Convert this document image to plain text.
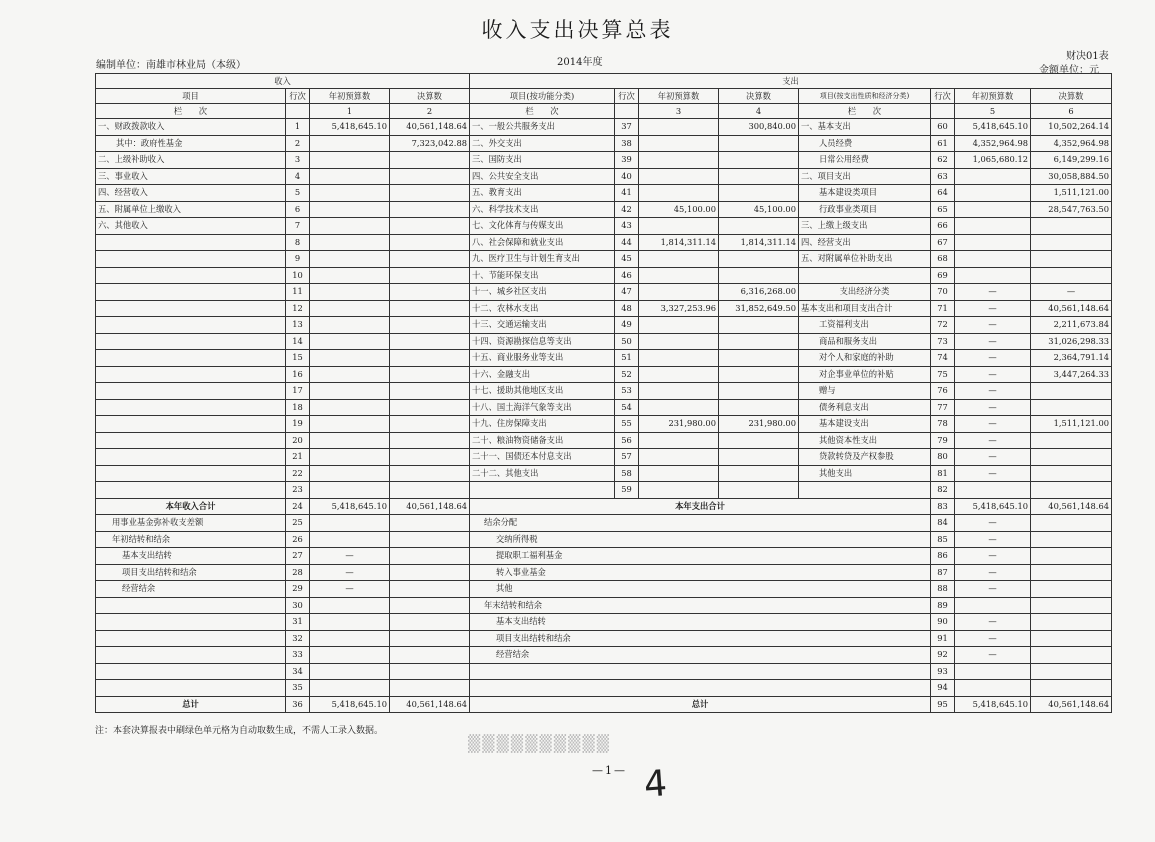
收入支出决算总表
编制单位：南雄市林业局（本级）	2014年度
财决01表
金额单位：元
收入				支出							
项目	行次	年初预算数	决算数	项目(按功能分类)	行次	年初预算数	决算数	项目(按支出性质和经济分类)	行次	年初预算数	决算数
栏　　次		1	2	栏　　次		3	4	栏　　次		5	6
一、财政拨款收入	1	5,418,645.10	40,561,148.64	一、一般公共服务支出	37		300,840.00	一、基本支出	60	5,418,645.10	10,502,264.14
其中：政府性基金	2		7,323,042.88	二、外交支出	38			人员经费	61	4,352,964.98	4,352,964.98
二、上级补助收入	3			三、国防支出	39			日常公用经费	62	1,065,680.12	6,149,299.16
三、事业收入	4			四、公共安全支出	40			二、项目支出	63		30,058,884.50
四、经营收入	5			五、教育支出	41			基本建设类项目	64		1,511,121.00
五、附属单位上缴收入	6			六、科学技术支出	42	45,100.00	45,100.00	行政事业类项目	65		28,547,763.50
六、其他收入	7			七、文化体育与传媒支出	43			三、上缴上级支出	66		
	8			八、社会保障和就业支出	44	1,814,311.14	1,814,311.14	四、经营支出	67		
	9			九、医疗卫生与计划生育支出	45			五、对附属单位补助支出	68		
	10			十、节能环保支出	46				69		
	11			十一、城乡社区支出	47		6,316,268.00	支出经济分类	70	—	—
	12			十二、农林水支出	48	3,327,253.96	31,852,649.50	基本支出和项目支出合计	71	—	40,561,148.64
	13			十三、交通运输支出	49			工资福利支出	72	—	2,211,673.84
	14			十四、资源勘探信息等支出	50			商品和服务支出	73	—	31,026,298.33
	15			十五、商业服务业等支出	51			对个人和家庭的补助	74	—	2,364,791.14
	16			十六、金融支出	52			对企事业单位的补贴	75	—	3,447,264.33
	17			十七、援助其他地区支出	53			赠与	76	—	
	18			十八、国土海洋气象等支出	54			债务利息支出	77	—	
	19			十九、住房保障支出	55	231,980.00	231,980.00	基本建设支出	78	—	1,511,121.00
	20			二十、粮油物资储备支出	56			其他资本性支出	79	—	
	21			二十一、国债还本付息支出	57			贷款转贷及产权参股	80	—	
	22			二十二、其他支出	58			其他支出	81	—	
	23				59				82		
本年收入合计	24	5,418,645.10	40,561,148.64	本年支出合计					83	5,418,645.10	40,561,148.64
用事业基金弥补收支差额	25			结余分配					84	—	
年初结转和结余	26			交纳所得税					85	—	
基本支出结转	27	—		提取职工福利基金					86	—	
项目支出结转和结余	28	—		转入事业基金					87	—	
经营结余	29	—		其他					88	—	
	30			年末结转和结余					89		
	31			基本支出结转					90	—	
	32			项目支出结转和结余					91	—	
	33			经营结余					92	—	
	34								93		
	35								94		
总计	36	5,418,645.10	40,561,148.64	总计					95	5,418,645.10	40,561,148.64
▒▒▒▒▒▒▒▒▒▒
注：本套决算报表中刷绿色单元格为自动取数生成，不需人工录入数据。
—1— 4
